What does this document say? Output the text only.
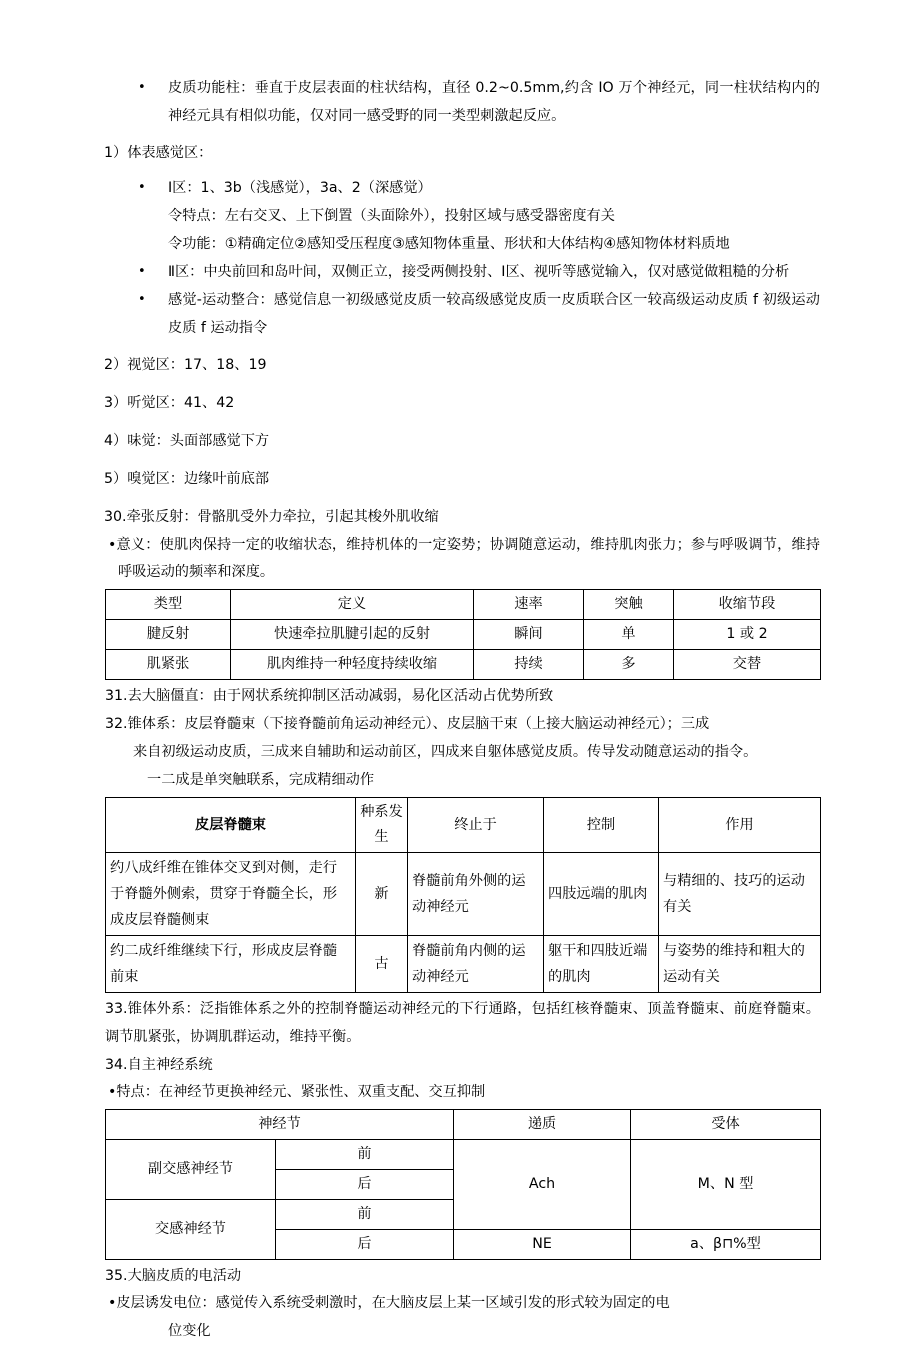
•	皮质功能柱：垂直于皮层表面的柱状结构，直径 0.2~0.5mm,约含 IO 万个神经元，同一柱状结构内的神经元具有相似功能，仅对同一感受野的同一类型刺激起反应。

1）体表感觉区：

•	Ⅰ区：1、3b（浅感觉），3a、2（深感觉）

令特点：左右交叉、上下倒置（头面除外），投射区域与感受器密度有关

令功能：①精确定位②感知受压程度③感知物体重量、形状和大体结构④感知物体材料质地

•	Ⅱ区：中央前回和岛叶间，双侧正立，接受两侧投射、Ⅰ区、视听等感觉输入，仅对感觉做粗糙的分析
•	感觉-运动整合：感觉信息一初级感觉皮质一较高级感觉皮质一皮质联合区一较高级运动皮质 f 初级运动皮质 f 运动指令

2）视觉区：17、18、19

3）听觉区：41、42

4）味觉：头面部感觉下方

5）嗅觉区：边缘叶前底部

30.牵张反射：骨骼肌受外力牵拉，引起其梭外肌收缩

•意义：使肌肉保持一定的收缩状态，维持机体的一定姿势；协调随意运动，维持肌肉张力；参与呼吸调节，维持呼吸运动的频率和深度。

类型	定义	速率	突触	收缩节段
腱反射	快速牵拉肌腱引起的反射	瞬间	单	1 或 2
肌紧张	肌肉维持一种轻度持续收缩	持续	多	交替

31.去大脑僵直：由于网状系统抑制区活动减弱，易化区活动占优势所致

32.锥体系：皮层脊髓束（下接脊髓前角运动神经元）、皮层脑干束（上接大脑运动神经元）；三成

来自初级运动皮质，三成来自辅助和运动前区，四成来自躯体感觉皮质。传导发动随意运动的指令。

一二成是单突触联系，完成精细动作

皮层脊髓束	种系发生	终止于	控制	作用
约八成纤维在锥体交叉到对侧，走行于脊髓外侧索，贯穿于脊髓全长，形成皮层脊髓侧束	新	脊髓前角外侧的运动神经元	四肢远端的肌肉	与精细的、技巧的运动有关
约二成纤维继续下行，形成皮层脊髓前束	古	脊髓前角内侧的运动神经元	躯干和四肢近端的肌肉	与姿势的维持和粗大的运动有关

33.锥体外系：泛指锥体系之外的控制脊髓运动神经元的下行通路，包括红核脊髓束、顶盖脊髓束、前庭脊髓束。调节肌紧张，协调肌群运动，维持平衡。

34.自主神经系统

•特点：在神经节更换神经元、紧张性、双重支配、交互抑制

神经节		递质	受体
副交感神经节	前	Ach	M、N 型
	后		
交感神经节	前		
	后	NE	a、β⊓%型

35.大脑皮质的电活动

•皮层诱发电位：感觉传入系统受刺激时，在大脑皮层上某一区域引发的形式较为固定的电

位变化
